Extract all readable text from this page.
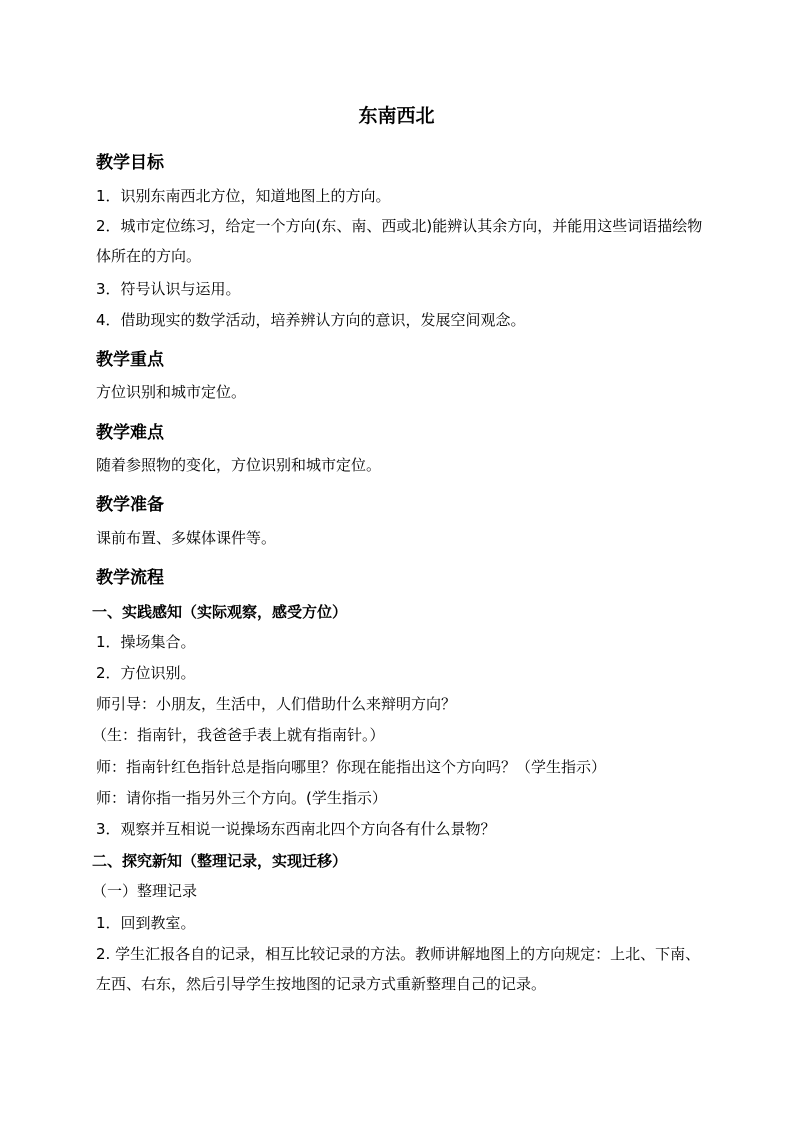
东南西北
教学目标
1．识别东南西北方位，知道地图上的方向。
2．城市定位练习，给定一个方向(东、南、西或北)能辨认其余方向，并能用这些词语描绘物体所在的方向。
3．符号认识与运用。
4．借助现实的数学活动，培养辨认方向的意识，发展空间观念。
教学重点
方位识别和城市定位。
教学难点
随着参照物的变化，方位识别和城市定位。
教学准备
课前布置、多媒体课件等。
教学流程
一、实践感知（实际观察，感受方位）
1．操场集合。
2．方位识别。
师引导：小朋友，生活中，人们借助什么来辩明方向？
（生：指南针，我爸爸手表上就有指南针。）
师：指南针红色指针总是指向哪里？你现在能指出这个方向吗？（学生指示）
师：请你指一指另外三个方向。(学生指示）
3．观察并互相说一说操场东西南北四个方向各有什么景物？
二、探究新知（整理记录，实现迁移）
（一）整理记录
1．回到教室。
2. 学生汇报各自的记录，相互比较记录的方法。教师讲解地图上的方向规定：上北、下南、左西、右东，然后引导学生按地图的记录方式重新整理自己的记录。
